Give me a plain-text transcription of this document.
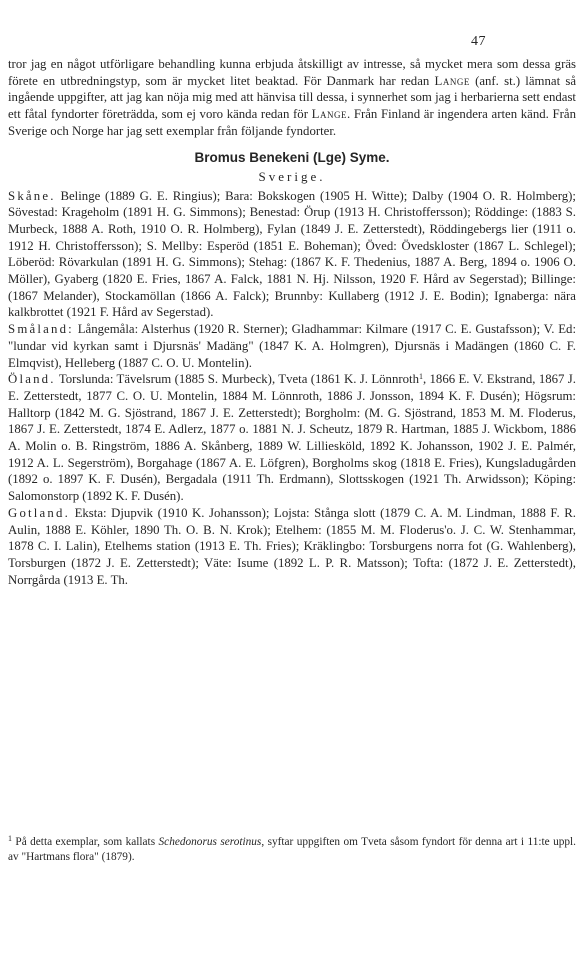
47

tror jag en något utförligare behandling kunna erbjuda åtskilligt av intresse, så mycket mera som dessa gräs förete en utbredningstyp, som är mycket litet beaktad. För Danmark har redan Lange (anf. st.) lämnat så ingående uppgifter, att jag kan nöja mig med att hänvisa till dessa, i synnerhet som jag i herbarierna sett endast ett fåtal fyndorter företrädda, som ej voro kända redan för Lange. Från Finland är ingendera arten känd. Från Sverige och Norge har jag sett exemplar från följande fyndorter.

Bromus Benekeni (Lge) Syme.

Sverige.

Skåne. Belinge (1889 G. E. Ringius); Bara: Bokskogen (1905 H. Witte); Dalby (1904 O. R. Holmberg); Sövestad: Krageholm (1891 H. G. Simmons); Benestad: Örup (1913 H. Christoffersson); Röddinge: (1883 S. Murbeck, 1888 A. Roth, 1910 O. R. Holmberg), Fylan (1849 J. E. Zetterstedt), Röddingebergs lier (1911 o. 1912 H. Christoffersson); S. Mellby: Esperöd (1851 E. Boheman); Öved: Övedskloster (1867 L. Schlegel); Löberöd: Rövarkulan (1891 H. G. Simmons); Stehag: (1867 K. F. Thedenius, 1887 A. Berg, 1894 o. 1906 O. Möller), Gyaberg (1820 E. Fries, 1867 A. Falck, 1881 N. Hj. Nilsson, 1920 F. Hård av Segerstad); Billinge: (1867 Melander), Stockamöllan (1866 A. Falck); Brunnby: Kullaberg (1912 J. E. Bodin); Ignaberga: nära kalkbrottet (1921 F. Hård av Segerstad).

Småland: Långemåla: Alsterhus (1920 R. Sterner); Gladhammar: Kilmare (1917 C. E. Gustafsson); V. Ed: "lundar vid kyrkan samt i Djursnäs' Madäng" (1847 K. A. Holmgren), Djursnäs i Madängen (1860 C. F. Elmqvist), Helleberg (1887 C. O. U. Montelin).

Öland. Torslunda: Tävelsrum (1885 S. Murbeck), Tveta (1861 K. J. Lönnroth$^1$, 1866 E. V. Ekstrand, 1867 J. E. Zetterstedt, 1877 C. O. U. Montelin, 1884 M. Lönnroth, 1886 J. Jonsson, 1894 K. F. Dusén); Högsrum: Halltorp (1842 M. G. Sjöstrand, 1867 J. E. Zetterstedt); Borgholm: (M. G. Sjöstrand, 1853 M. M. Floderus, 1867 J. E. Zetterstedt, 1874 E. Adlerz, 1877 o. 1881 N. J. Scheutz, 1879 R. Hartman, 1885 J. Wickbom, 1886 A. Molin o. B. Ringström, 1886 A. Skånberg, 1889 W. Lilliesköld, 1892 K. Johansson, 1902 J. E. Palmér, 1912 A. L. Segerström), Borgahage (1867 A. E. Löfgren), Borgholms skog (1818 E. Fries), Kungsladugården (1892 o. 1897 K. F. Dusén), Bergadala (1911 Th. Erdmann), Slottsskogen (1921 Th. Arwidsson); Köping: Salomonstorp (1892 K. F. Dusén).

Gotland. Eksta: Djupvik (1910 K. Johansson); Lojsta: Stånga slott (1879 C. A. M. Lindman, 1888 F. R. Aulin, 1888 E. Köhler, 1890 Th. O. B. N. Krok); Etelhem: (1855 M. M. Floderus'o. J. C. W. Stenhammar, 1878 C. I. Lalin), Etelhems station (1913 E. Th. Fries); Kräklingbo: Torsburgens norra fot (G. Wahlenberg), Torsburgen (1872 J. E. Zetterstedt); Väte: Isume (1892 L. P. R. Matsson); Tofta: (1872 J. E. Zetterstedt), Norrgårda (1913 E. Th.

$^1$ På detta exemplar, som kallats Schedonorus serotinus, syftar uppgiften om Tveta såsom fyndort för denna art i 11:te uppl. av "Hartmans flora" (1879).
